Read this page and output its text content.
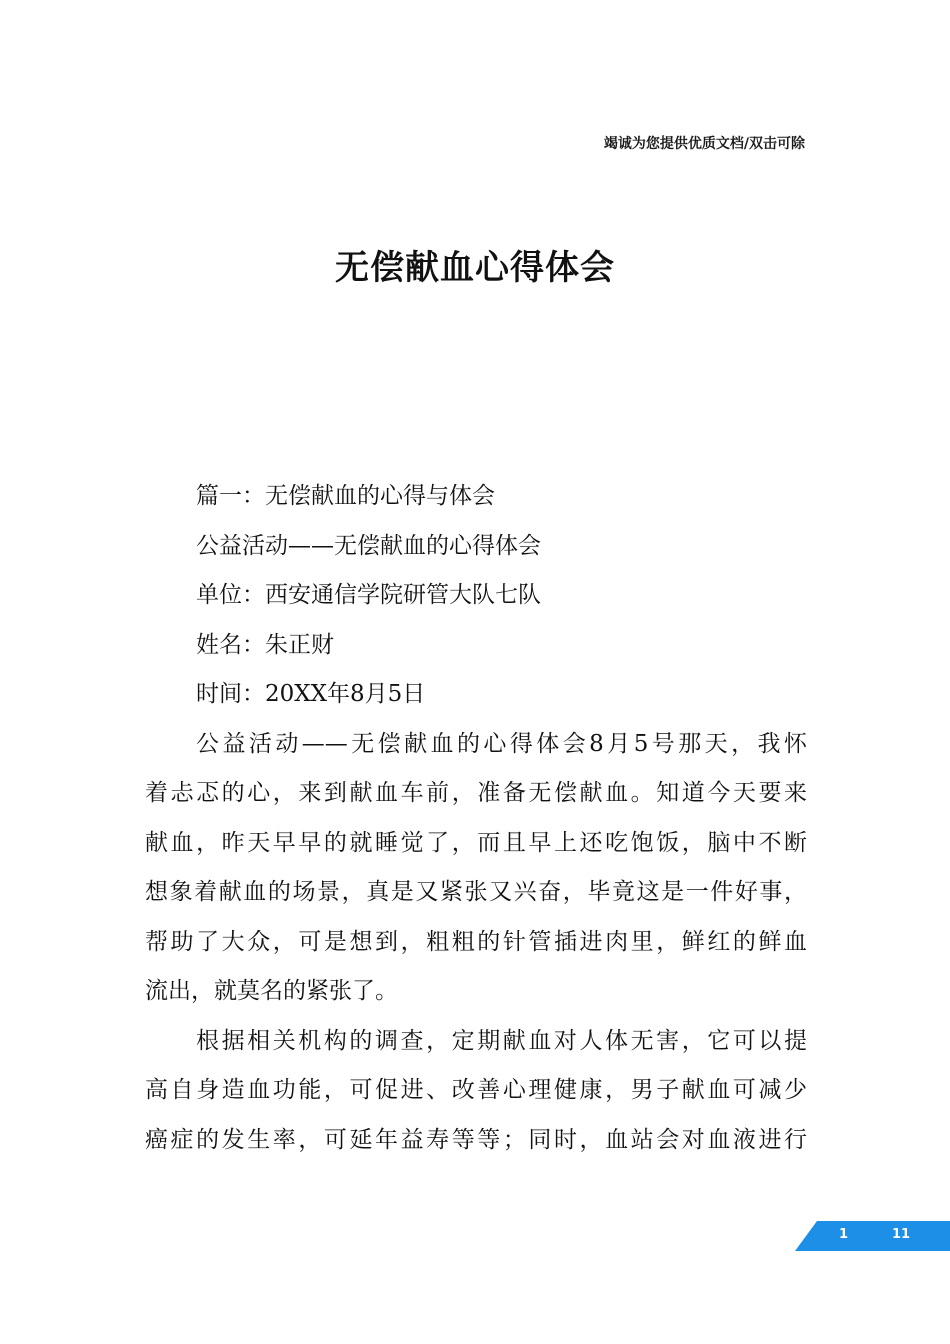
竭诚为您提供优质文档/双击可除
无偿献血心得体会
篇一：无偿献血的心得与体会
公益活动——无偿献血的心得体会
单位：西安通信学院研管大队七队
姓名：朱正财
时间：20XX年8月5日
公益活动——无偿献血的心得体会8月5号那天，我怀
着忐忑的心，来到献血车前，准备无偿献血。知道今天要来
献血，昨天早早的就睡觉了，而且早上还吃饱饭，脑中不断
想象着献血的场景，真是又紧张又兴奋，毕竟这是一件好事，
帮助了大众，可是想到，粗粗的针管插进肉里，鲜红的鲜血
流出，就莫名的紧张了。
根据相关机构的调查，定期献血对人体无害，它可以提
高自身造血功能，可促进、改善心理健康，男子献血可减少
癌症的发生率，可延年益寿等等；同时，血站会对血液进行
1	11
